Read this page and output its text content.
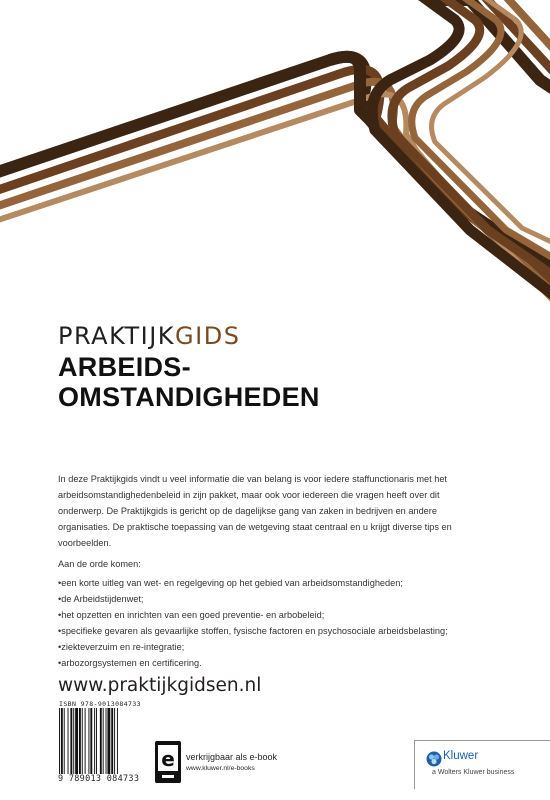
PRAKTIJKGIDS
ARBEIDS-
OMSTANDIGHEDEN
In deze Praktijkgids vindt u veel informatie die van belang is voor iedere staffunctionaris met het arbeidsomstandighedenbeleid in zijn pakket, maar ook voor iedereen die vragen heeft over dit onderwerp. De Praktijkgids is gericht op de dagelijkse gang van zaken in bedrijven en andere organisaties. De praktische toepassing van de wetgeving staat centraal en u krijgt diverse tips en voorbeelden.
Aan de orde komen:
• een korte uitleg van wet- en regelgeving op het gebied van arbeidsomstandigheden;
• de Arbeidstijdenwet;
• het opzetten en inrichten van een goed preventie- en arbobeleid;
• specifieke gevaren als gevaarlijke stoffen, fysische factoren en psychosociale arbeidsbelasting;
• ziekteverzuim en re-integratie;
• arbozorgsystemen en certificering.
www.praktijkgidsen.nl
ISBN 978-9013084733
9 789013 084733
e verkrijgbaar als e-book
www.kluwer.nl/e-books
Kluwer
a Wolters Kluwer business
